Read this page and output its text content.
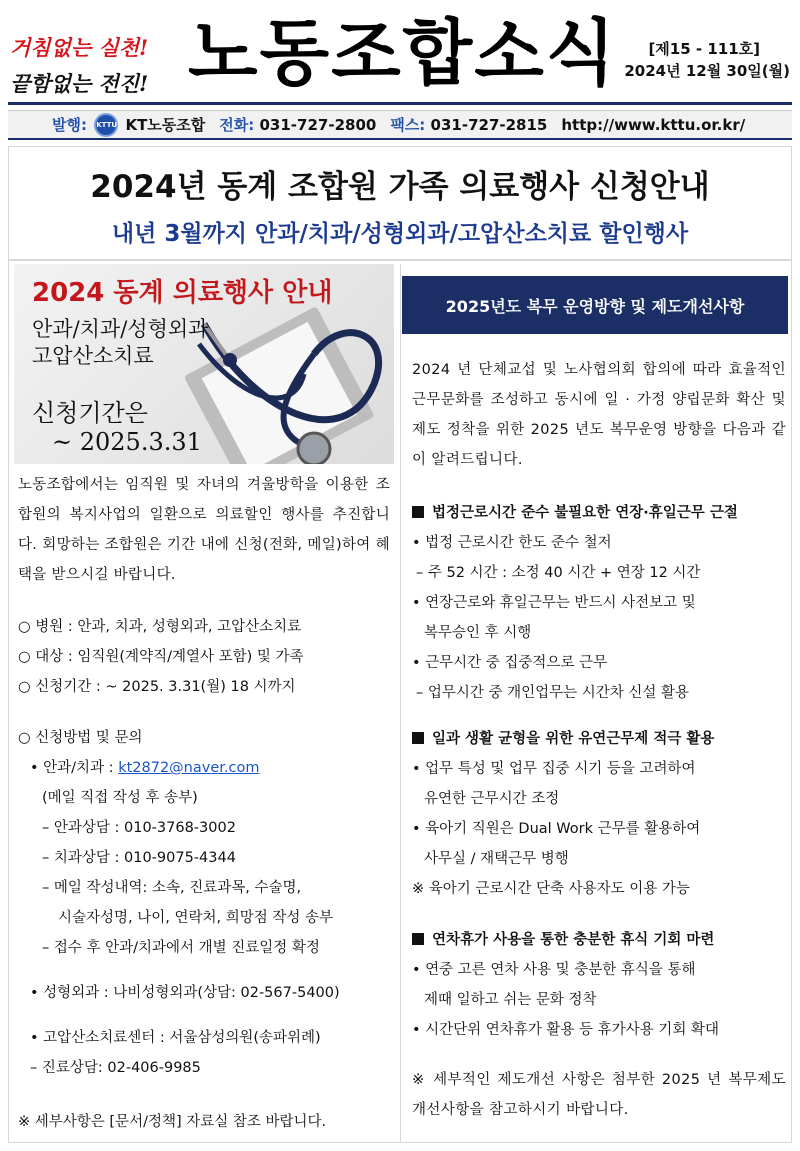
거침없는 실천!
끝함없는 전진! 노동조합소식	[제15 - 111호]
2024년 12월 30일(월)
발행: KTTU KT노동조합 전화: 031-727-2800 팩스: 031-727-2815 http://www.kttu.or.kr/
2024년 동계 조합원 가족 의료행사 신청안내
내년 3월까지 안과/치과/성형외과/고압산소치료 할인행사
2024 동계 의료행사 안내
안과/치과/성형외과
고압산소치료
신청기간은
~ 2025.3.31
노동조합에서는 임직원 및 자녀의 겨울방학을 이용한 조합원의 복지사업의 일환으로 의료할인 행사를 추진합니다. 회망하는 조합원은 기간 내에 신청(전화, 메일)하여 혜택을 받으시길 바랍니다.
○ 병원 : 안과, 치과, 성형외과, 고압산소치료
○ 대상 : 임직원(계약직/계열사 포함) 및 가족
○ 신청기간 : ~ 2025. 3.31(월) 18 시까지
○ 신청방법 및 문의
• 안과/치과 : kt2872@naver.com
(메일 직접 작성 후 송부)
– 안과상담 : 010-3768-3002
– 치과상담 : 010-9075-4344
– 메일 작성내역: 소속, 진료과목, 수술명,
시술자성명, 나이, 연락처, 희망점 작성 송부
– 접수 후 안과/치과에서 개별 진료일정 확정
• 성형외과 : 나비성형외과(상담: 02-567-5400)
• 고압산소치료센터 : 서울삼성의원(송파위례)
– 진료상담: 02-406-9985
※ 세부사항은 [문서/정책] 자료실 참조 바랍니다.
2025년도 복무 운영방향 및 제도개선사항
2024 년 단체교섭 및 노사협의회 합의에 따라 효율적인 근무문화를 조성하고 동시에 일 · 가정 양립문화 확산 및 제도 정착을 위한 2025 년도 복무운영 방향을 다음과 같이 알려드립니다.
법정근로시간 준수 불필요한 연장·휴일근무 근절
• 법정 근로시간 한도 준수 철저
– 주 52 시간 : 소정 40 시간 + 연장 12 시간
• 연장근로와 휴일근무는 반드시 사전보고 및
복무승인 후 시행
• 근무시간 중 집중적으로 근무
– 업무시간 중 개인업무는 시간차 신설 활용
일과 생활 균형을 위한 유연근무제 적극 활용
• 업무 특성 및 업무 집중 시기 등을 고려하여
유연한 근무시간 조정
• 육아기 직원은 Dual Work 근무를 활용하여
사무실 / 재택근무 병행
※ 육아기 근로시간 단축 사용자도 이용 가능
연차휴가 사용을 통한 충분한 휴식 기회 마련
• 연중 고른 연차 사용 및 충분한 휴식을 통해
제때 일하고 쉬는 문화 정착
• 시간단위 연차휴가 활용 등 휴가사용 기회 확대
※ 세부적인 제도개선 사항은 첨부한 2025 년 복무제도 개선사항을 참고하시기 바랍니다.
